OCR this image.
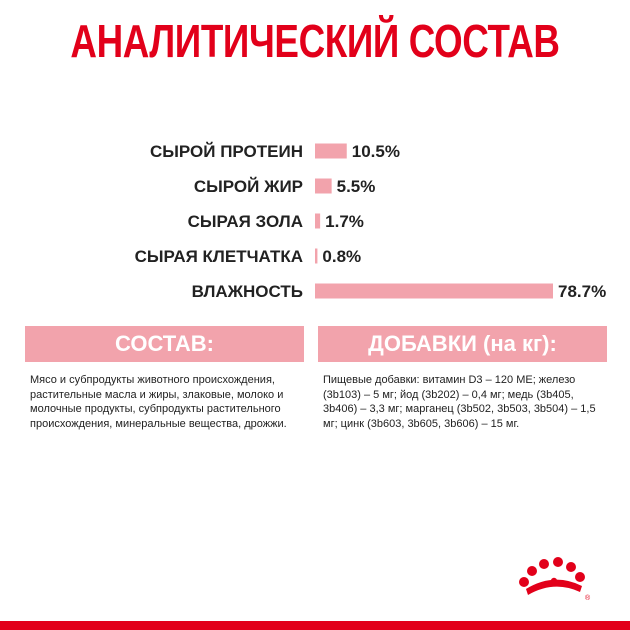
АНАЛИТИЧЕСКИЙ СОСТАВ
СЫРОЙ ПРОТЕИН	10.5%
СЫРОЙ ЖИР 5.5%
СЫРАЯ ЗОЛА 1.7%
СЫРАЯ КЛЕТЧАТКА 0.8%
ВЛАЖНОСТЬ	78.7%
СОСТАВ:	ДОБАВКИ (на кг):
Мясо и субпродукты животного происхождения, растительные масла и жиры, злаковые, молоко и молочные продукты, субпродукты растительного происхождения, минеральные вещества, дрожжи.
Пищевые добавки: витамин D3 – 120 МЕ; железо (3b103) – 5 мг; йод (3b202) – 0,4 мг; медь (3b405, 3b406) – 3,3 мг; марганец (3b502, 3b503, 3b504) – 1,5 мг; цинк (3b603, 3b605, 3b606) – 15 мг.
®
